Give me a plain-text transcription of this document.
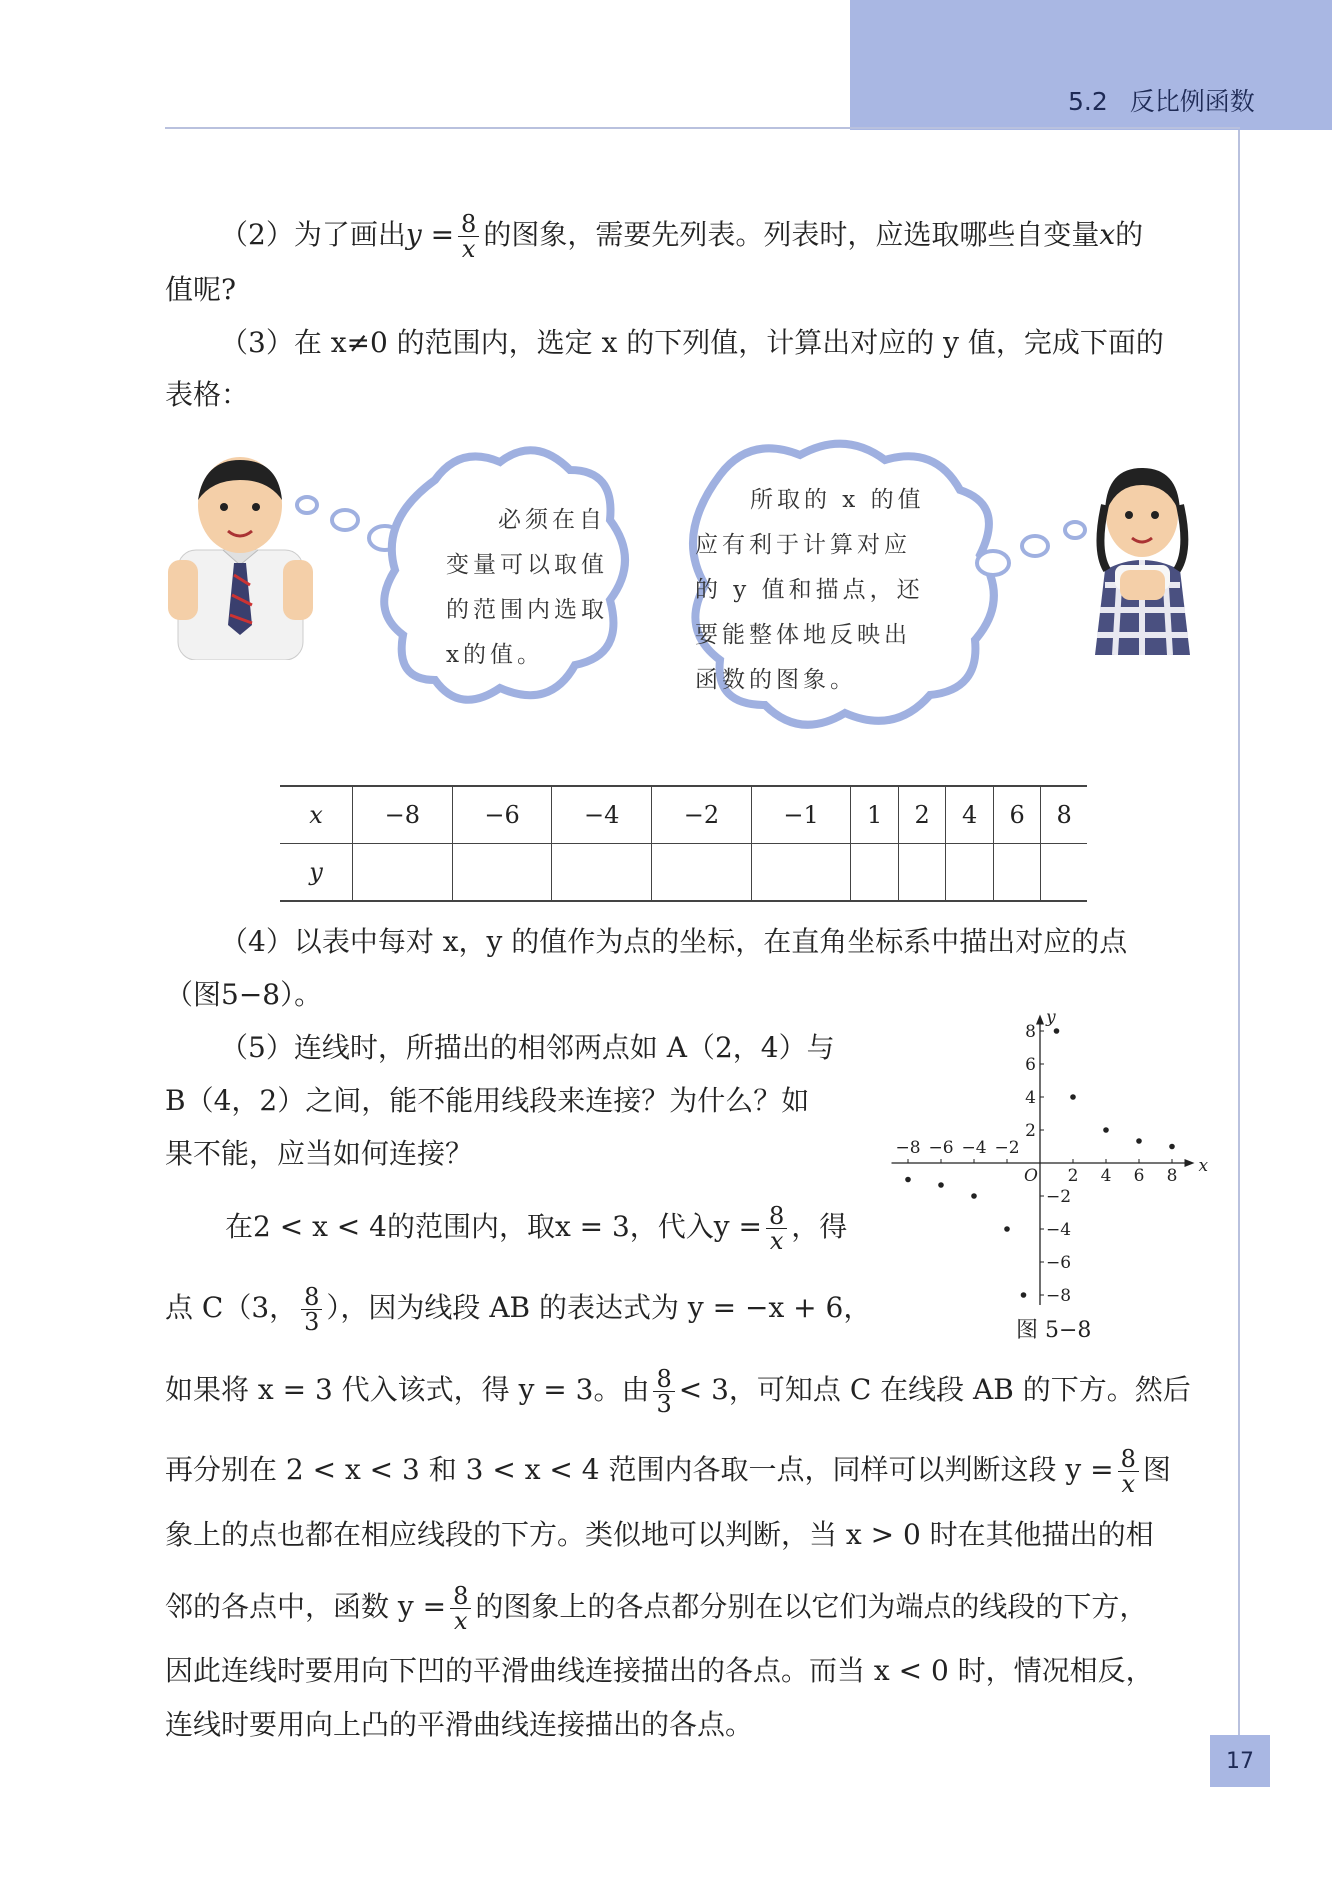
5.2 反比例函数
（2）为了画出$y = \frac{8}{x}$ 的图象，需要先列表。列表时，应选取哪些自变量x的
值呢?
（3）在 x≠0 的范围内，选定 x 的下列值，计算出对应的 y 值，完成下面的
表格：
必须在自
变量可以取值
的范围内选取
x的值。
所取的 x 的值
应有利于计算对应
的 y 值和描点，还
要能整体地反映出
函数的图象。
x	−8	−6	−4	−2	−1	1	2	4	6	8
y										
（4）以表中每对 x，y 的值作为点的坐标，在直角坐标系中描出对应的点
（图5−8）。
（5）连线时，所描出的相邻两点如 A（2，4）与
B（4，2）之间，能不能用线段来连接？为什么？如
果不能，应当如何连接？
在2 < x < 4的范围内，取x = 3，代入$y = \frac{8}{x}$ ，得
点 C（3， $\frac{8}{3}$ ），因为线段 AB 的表达式为 y = −x + 6，
如果将 x = 3 代入该式，得 y = 3。由 $\frac{8}{3} < 3$，可知点 C 在线段 AB 的下方。然后
再分别在 2 < x < 3 和 3 < x < 4 范围内各取一点，同样可以判断这段 $y = \frac{8}{x}$ 图
象上的点也都在相应线段的下方。类似地可以判断，当 x > 0 时在其他描出的相
邻的各点中，函数 $y = \frac{8}{x}$ 的图象上的各点都分别在以它们为端点的线段的下方，
因此连线时要用向下凹的平滑曲线连接描出的各点。而当 x < 0 时，情况相反，
连线时要用向上凸的平滑曲线连接描出的各点。
x
y
O
−8 −6 −4 −2
2 4 6 8
8
6
4
2
−2
−4
−6
−8
图 5−8
17
